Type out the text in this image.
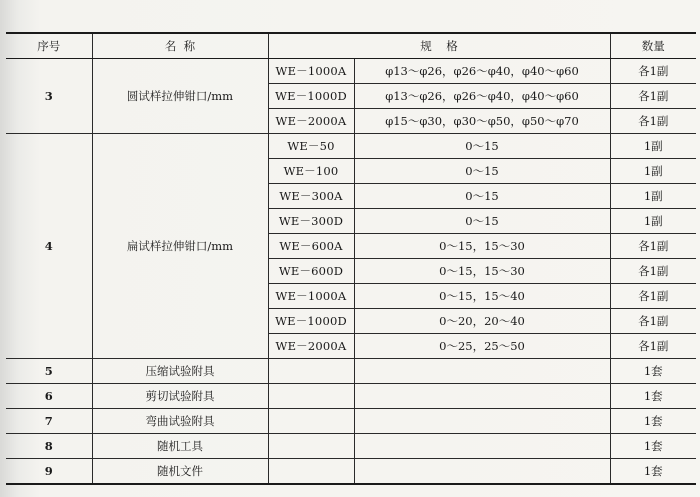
序号	名  称	规    格		数量
3	圆试样拉伸钳口/mm	WE－1000A	φ13～φ26，φ26～φ40，φ40～φ60	各1副
		WE－1000D	φ13～φ26，φ26～φ40，φ40～φ60	各1副
		WE－2000A	φ15～φ30，φ30～φ50，φ50～φ70	各1副
4	扁试样拉伸钳口/mm	WE－50	0～15	1副
		WE－100	0～15	1副
		WE－300A	0～15	1副
		WE－300D	0～15	1副
		WE－600A	0～15，15～30	各1副
		WE－600D	0～15，15～30	各1副
		WE－1000A	0～15，15～40	各1副
		WE－1000D	0～20，20～40	各1副
		WE－2000A	0～25，25～50	各1副
5	压缩试验附具			1套
6	剪切试验附具			1套
7	弯曲试验附具			1套
8	随机工具			1套
9	随机文件			1套
